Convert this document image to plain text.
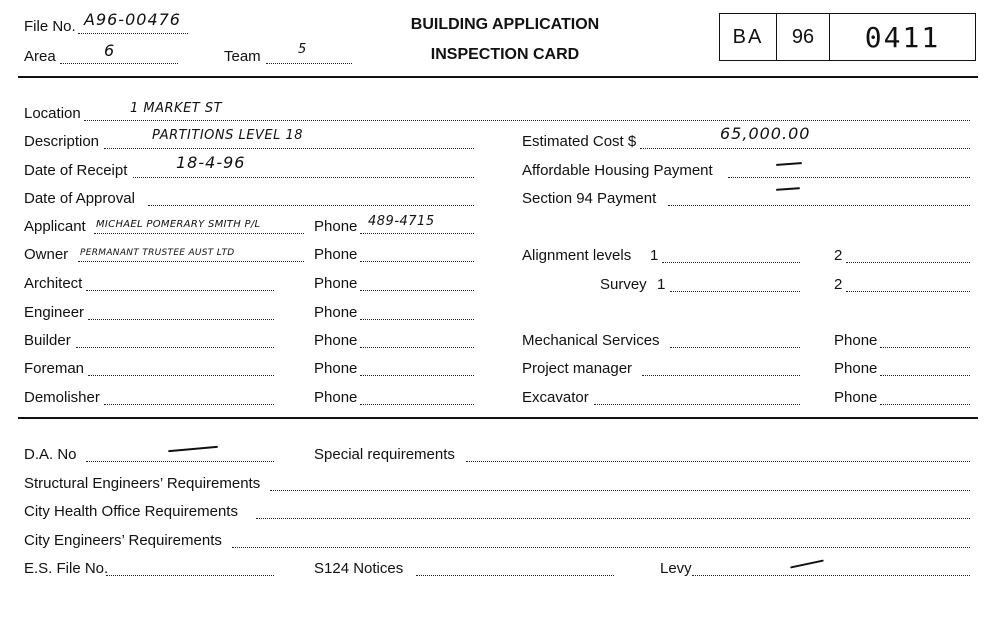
File No. A96-00476
Area	6	Team	5
BUILDING APPLICATION
INSPECTION CARD
BA	96	0411
Location	1 MARKET ST
Description	PARTITIONS LEVEL 18
Date of Receipt	18-4-96
Date of Approval
Applicant MICHAEL POMERARY SMITH P/L	Phone 489-4715
Owner PERMANANT TRUSTEE AUST LTD	Phone
Architect	Phone
Engineer	Phone
Builder	Phone
Foreman	Phone
Demolisher	Phone
Estimated Cost $	65,000.00
Affordable Housing Payment
Section 94 Payment
Alignment levels 1	2
Survey 1	2
Mechanical Services	Phone
Project manager	Phone
Excavator	Phone
D.A. No	Special requirements
Structural Engineers’ Requirements
City Health Office Requirements
City Engineers’ Requirements
E.S. File No.	S124 Notices	Levy
